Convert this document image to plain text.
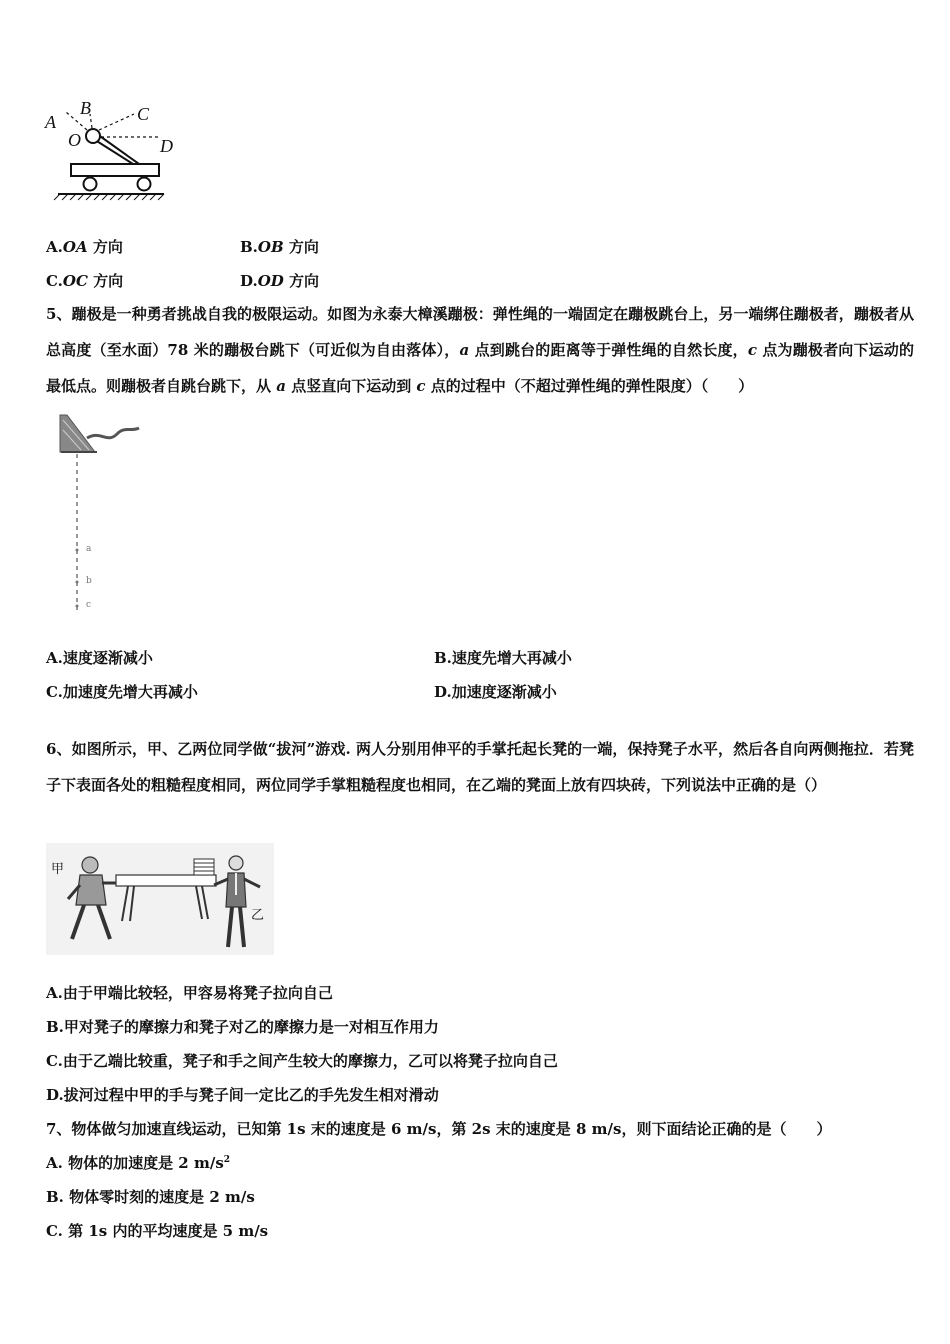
A
B	C
O	D
A.OA 方向	B.OB 方向
C.OC 方向	D.OD 方向
5、蹦极是一种勇者挑战自我的极限运动。如图为永泰大樟溪蹦极：弹性绳的一端固定在蹦极跳台上，另一端绑住蹦极者，蹦极者从总高度（至水面）78 米的蹦极台跳下（可近似为自由落体），a 点到跳台的距离等于弹性绳的自然长度，c 点为蹦极者向下运动的最低点。则蹦极者自跳台跳下，从 a 点竖直向下运动到 c 点的过程中（不超过弹性绳的弹性限度）（　　）
a
b
c
A.速度逐渐减小	B.速度先增大再减小
C.加速度先增大再减小	D.加速度逐渐减小
6、如图所示，甲、乙两位同学做“拔河”游戏. 两人分别用伸平的手掌托起长凳的一端，保持凳子水平，然后各自向两侧拖拉．若凳子下表面各处的粗糙程度相同，两位同学手掌粗糙程度也相同，在乙端的凳面上放有四块砖，下列说法中正确的是（）
甲
乙
A.由于甲端比较轻，甲容易将凳子拉向自己
B.甲对凳子的摩擦力和凳子对乙的摩擦力是一对相互作用力
C.由于乙端比较重，凳子和手之间产生较大的摩擦力，乙可以将凳子拉向自己
D.拔河过程中甲的手与凳子间一定比乙的手先发生相对滑动
7、物体做匀加速直线运动，已知第 1s 末的速度是 6 m/s，第 2s 末的速度是 8 m/s，则下面结论正确的是（　　）
A. 物体的加速度是 2 $m/s^2$
B. 物体零时刻的速度是 2 m/s
C. 第 1s 内的平均速度是 5 m/s
